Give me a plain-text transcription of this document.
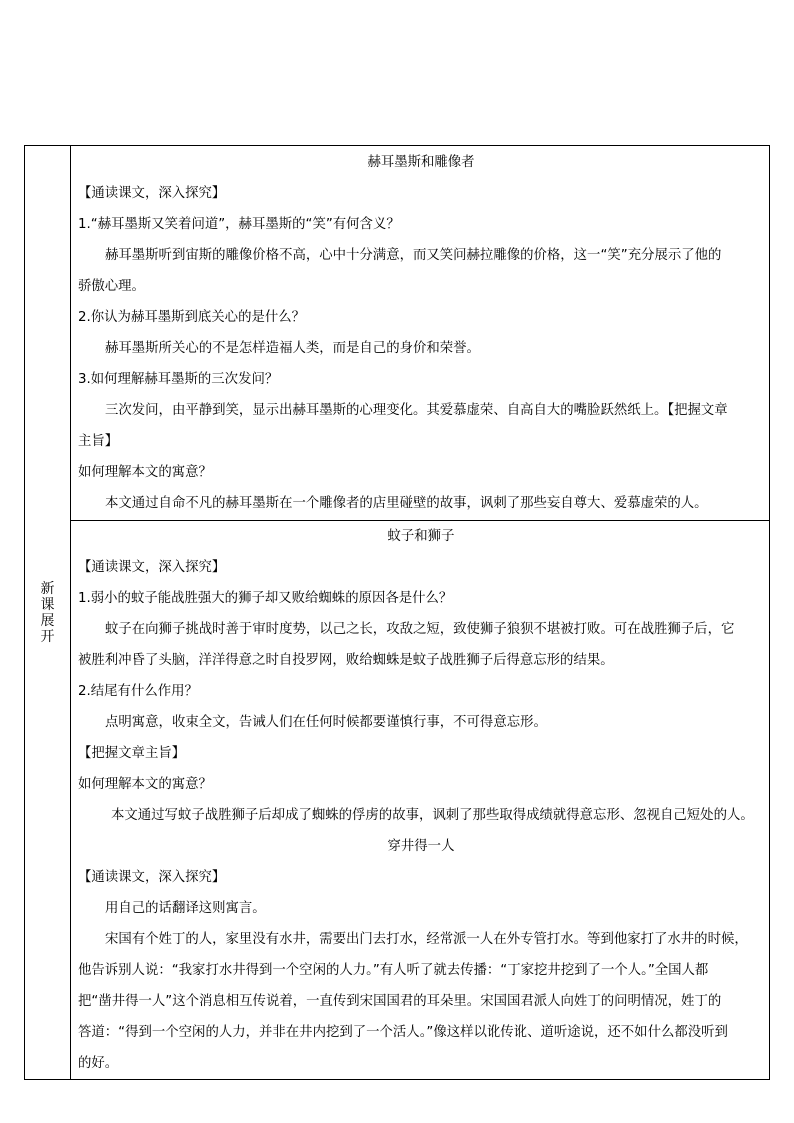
新课展开
赫耳墨斯和雕像者
【通读课文，深入探究】
1.“赫耳墨斯又笑着问道”，赫耳墨斯的“笑”有何含义？
赫耳墨斯听到宙斯的雕像价格不高，心中十分满意，而又笑问赫拉雕像的价格，这一“笑”充分展示了他的
骄傲心理。
2.你认为赫耳墨斯到底关心的是什么？
赫耳墨斯所关心的不是怎样造福人类，而是自己的身价和荣誉。
3.如何理解赫耳墨斯的三次发问？
三次发问，由平静到笑，显示出赫耳墨斯的心理变化。其爱慕虚荣、自高自大的嘴脸跃然纸上。【把握文章
主旨】
如何理解本文的寓意？
本文通过自命不凡的赫耳墨斯在一个雕像者的店里碰壁的故事，讽刺了那些妄自尊大、爱慕虚荣的人。
蚊子和狮子
【通读课文，深入探究】
1.弱小的蚊子能战胜强大的狮子却又败给蜘蛛的原因各是什么？
蚊子在向狮子挑战时善于审时度势，以己之长，攻敌之短，致使狮子狼狈不堪被打败。可在战胜狮子后，它
被胜利冲昏了头脑，洋洋得意之时自投罗网，败给蜘蛛是蚊子战胜狮子后得意忘形的结果。
2.结尾有什么作用？
点明寓意，收束全文，告诫人们在任何时候都要谨慎行事，不可得意忘形。
【把握文章主旨】
如何理解本文的寓意？
本文通过写蚊子战胜狮子后却成了蜘蛛的俘虏的故事，讽刺了那些取得成绩就得意忘形、忽视自己短处的人。
穿井得一人
【通读课文，深入探究】
用自己的话翻译这则寓言。
宋国有个姓丁的人，家里没有水井，需要出门去打水，经常派一人在外专管打水。等到他家打了水井的时候，
他告诉别人说：“我家打水井得到一个空闲的人力。”有人听了就去传播：“丁家挖井挖到了一个人。”全国人都
把“凿井得一人”这个消息相互传说着，一直传到宋国国君的耳朵里。宋国国君派人向姓丁的问明情况，姓丁的
答道：“得到一个空闲的人力，并非在井内挖到了一个活人。”像这样以讹传讹、道听途说，还不如什么都没听到
的好。
